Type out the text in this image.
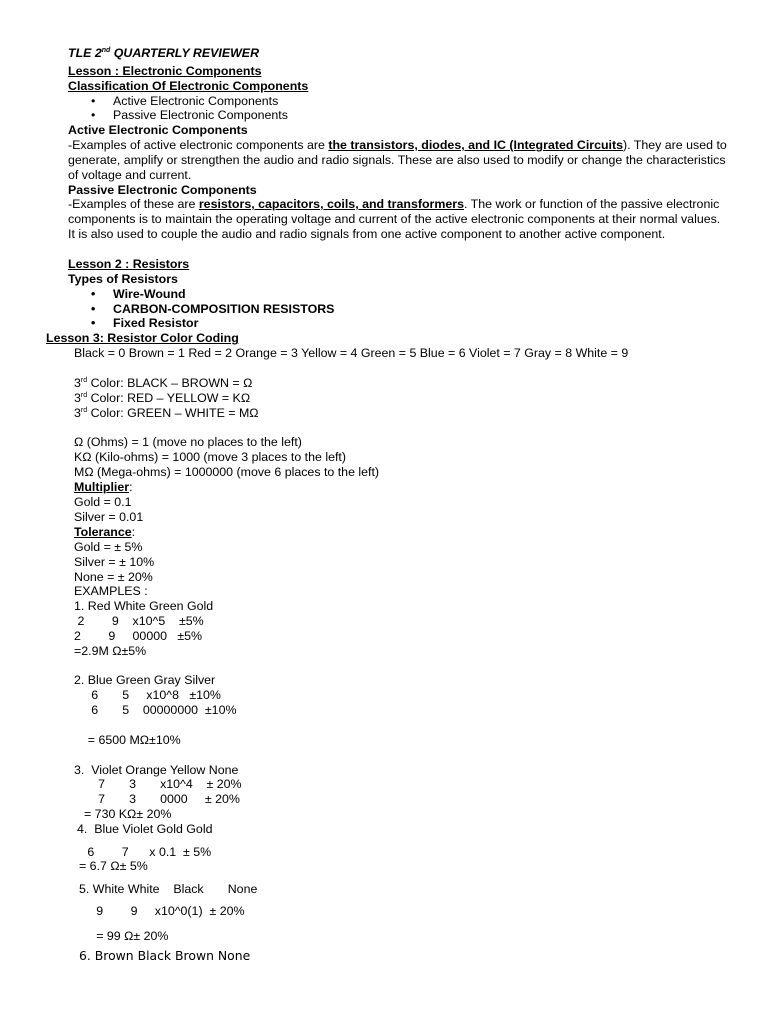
TLE 2nd QUARTERLY REVIEWER
Lesson : Electronic Components
Classification Of Electronic Components
• Active Electronic Components
• Passive Electronic Components
Active Electronic Components
-Examples of active electronic components are the transistors, diodes, and IC (Integrated Circuits). They are used to generate, amplify or strengthen the audio and radio signals. These are also used to modify or change the characteristics of voltage and current.
Passive Electronic Components
-Examples of these are resistors, capacitors, coils, and transformers. The work or function of the passive electronic components is to maintain the operating voltage and current of the active electronic components at their normal values. It is also used to couple the audio and radio signals from one active component to another active component.
Lesson 2 : Resistors
Types of Resistors
• Wire-Wound
• CARBON-COMPOSITION RESISTORS
• Fixed Resistor
Lesson 3: Resistor Color Coding
Black = 0 Brown = 1 Red = 2 Orange = 3 Yellow = 4 Green = 5 Blue = 6 Violet = 7 Gray = 8 White = 9
3rd Color: BLACK – BROWN = Ω
3rd Color: RED – YELLOW = KΩ
3rd Color: GREEN – WHITE = MΩ
Ω (Ohms) = 1 (move no places to the left)
KΩ (Kilo-ohms) = 1000 (move 3 places to the left)
MΩ (Mega-ohms) = 1000000 (move 6 places to the left)
Multiplier:
Gold = 0.1
Silver = 0.01
Tolerance:
Gold = ± 5%
Silver = ± 10%
None = ± 20%
EXAMPLES :
1. Red White Green Gold
2        9    x10^5    ±5%
2        9     00000   ±5%
=2.9M Ω±5%
2. Blue Green Gray Silver
6       5     x10^8   ±10%
6       5    00000000  ±10%
= 6500 MΩ±10%
3.  Violet Orange Yellow None
7       3       x10^4    ± 20%
7       3       0000     ± 20%
= 730 KΩ± 20%
4.  Blue Violet Gold Gold
6        7      x 0.1  ± 5%
= 6.7 Ω± 5%
5. White White    Black       None
9        9     x10^0(1)  ± 20%
= 99 Ω± 20%
6. Brown Black Brown None
